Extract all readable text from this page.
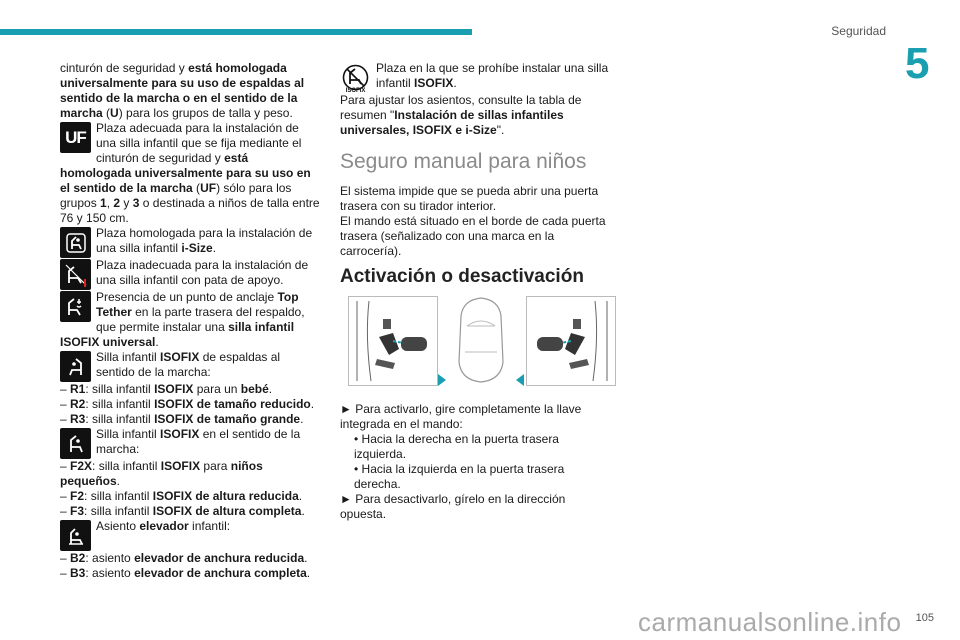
Seguridad
5

cinturón de seguridad y está homologada universalmente para su uso de espaldas al sentido de la marcha o en el sentido de la marcha (U) para los grupos de talla y peso.

UF Plaza adecuada para la instalación de una silla infantil que se fija mediante el cinturón de seguridad y está homologada universalmente para su uso en el sentido de la marcha (UF) sólo para los grupos 1, 2 y 3 o destinada a niños de talla entre 76 y 150 cm.

Plaza homologada para la instalación de una silla infantil i-Size.

Plaza inadecuada para la instalación de una silla infantil con pata de apoyo.

Presencia de un punto de anclaje Top Tether en la parte trasera del respaldo, que permite instalar una silla infantil ISOFIX universal.

Silla infantil ISOFIX de espaldas al sentido de la marcha:

– R1: silla infantil ISOFIX para un bebé.

– R2: silla infantil ISOFIX de tamaño reducido.

– R3: silla infantil ISOFIX de tamaño grande.

Silla infantil ISOFIX en el sentido de la marcha:

– F2X: silla infantil ISOFIX para niños pequeños.

– F2: silla infantil ISOFIX de altura reducida.

– F3: silla infantil ISOFIX de altura completa.

Asiento elevador infantil:

– B2: asiento elevador de anchura reducida.

– B3: asiento elevador de anchura completa.

ISOFIX

Plaza en la que se prohíbe instalar una silla infantil ISOFIX.

Para ajustar los asientos, consulte la tabla de resumen "Instalación de sillas infantiles universales, ISOFIX e i-Size".

Seguro manual para niños

El sistema impide que se pueda abrir una puerta trasera con su tirador interior.

El mando está situado en el borde de cada puerta trasera (señalizado con una marca en la carrocería).

Activación o desactivación

► Para activarlo, gire completamente la llave integrada en el mando:

• Hacia la derecha en la puerta trasera izquierda.

• Hacia la izquierda en la puerta trasera derecha.

► Para desactivarlo, gírelo en la dirección opuesta.

105
carmanualsonline.info
